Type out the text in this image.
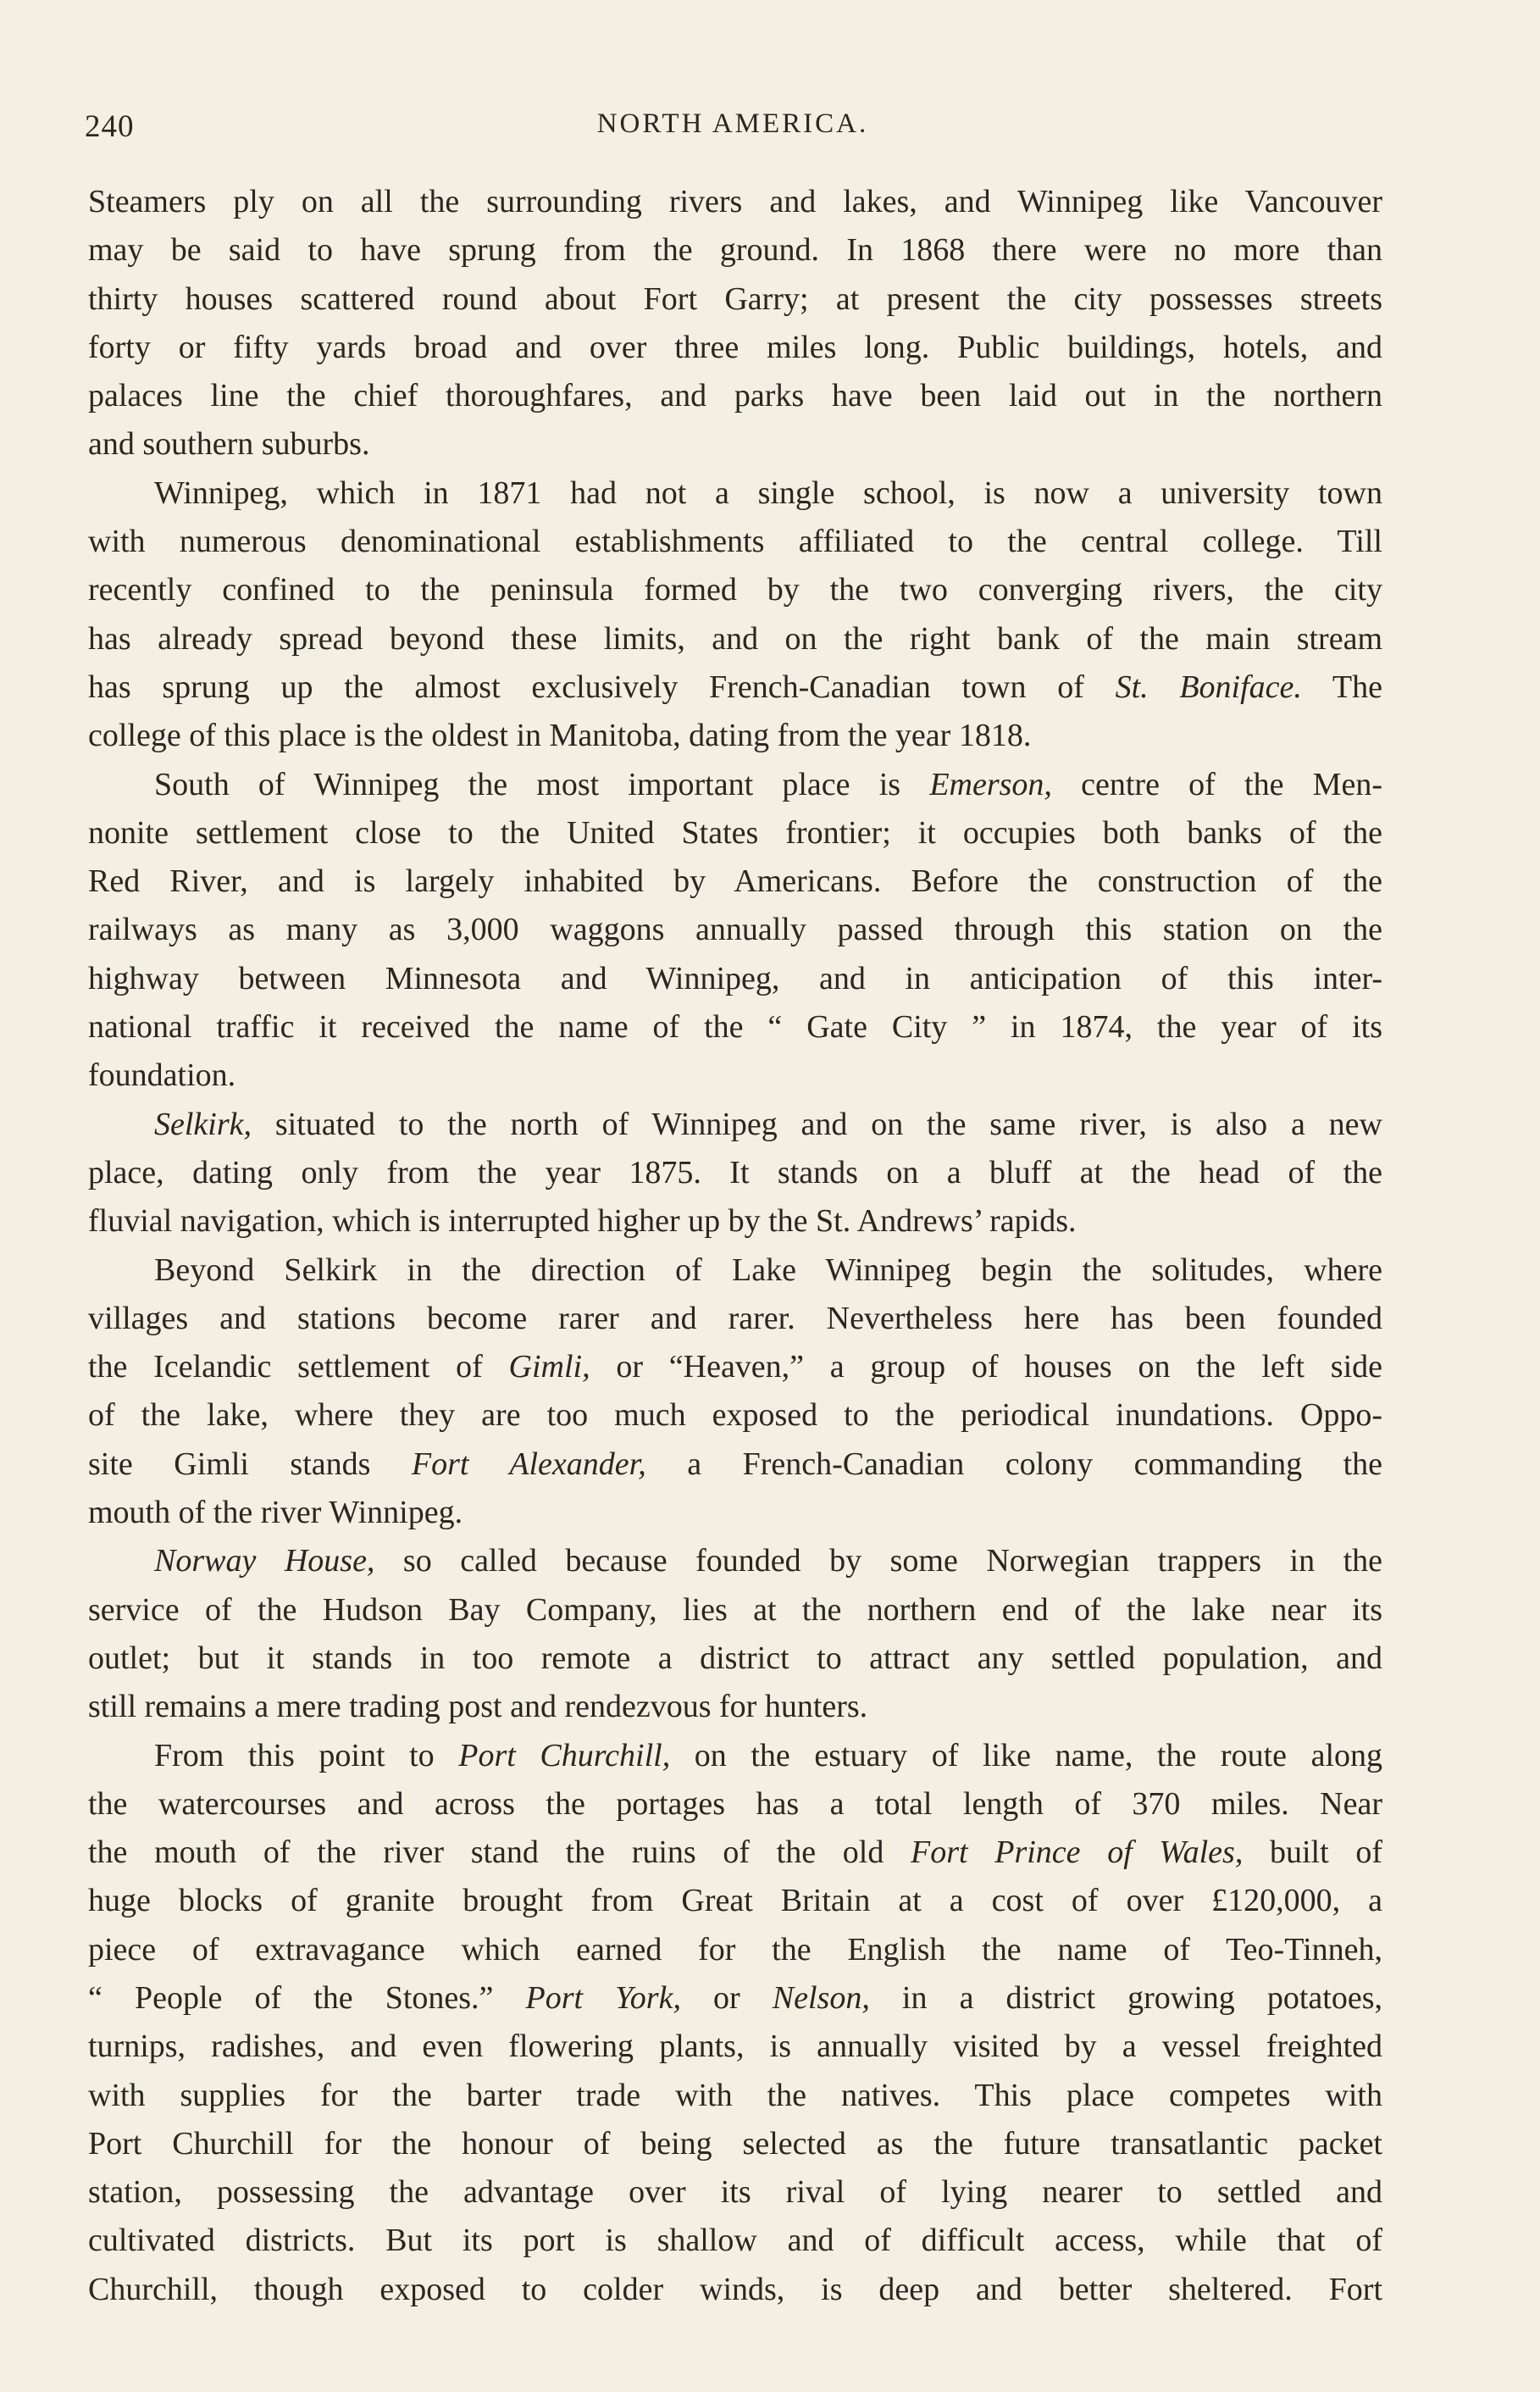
240	NORTH AMERICA.
Steamers ply on all the surrounding rivers and lakes, and Winnipeg like Vancouver
may be said to have sprung from the ground. In 1868 there were no more than
thirty houses scattered round about Fort Garry; at present the city possesses streets
forty or fifty yards broad and over three miles long. Public buildings, hotels, and
palaces line the chief thoroughfares, and parks have been laid out in the northern
and southern suburbs.
Winnipeg, which in 1871 had not a single school, is now a university town
with numerous denominational establishments affiliated to the central college. Till
recently confined to the peninsula formed by the two converging rivers, the city
has already spread beyond these limits, and on the right bank of the main stream
has sprung up the almost exclusively French-Canadian town of St. Boniface. The
college of this place is the oldest in Manitoba, dating from the year 1818.
South of Winnipeg the most important place is Emerson, centre of the Men-
nonite settlement close to the United States frontier; it occupies both banks of the
Red River, and is largely inhabited by Americans. Before the construction of the
railways as many as 3,000 waggons annually passed through this station on the
highway between Minnesota and Winnipeg, and in anticipation of this inter-
national traffic it received the name of the “ Gate City ” in 1874, the year of its
foundation.
Selkirk, situated to the north of Winnipeg and on the same river, is also a new
place, dating only from the year 1875. It stands on a bluff at the head of the
fluvial navigation, which is interrupted higher up by the St. Andrews’ rapids.
Beyond Selkirk in the direction of Lake Winnipeg begin the solitudes, where
villages and stations become rarer and rarer. Nevertheless here has been founded
the Icelandic settlement of Gimli, or “Heaven,” a group of houses on the left side
of the lake, where they are too much exposed to the periodical inundations. Oppo-
site Gimli stands Fort Alexander, a French-Canadian colony commanding the
mouth of the river Winnipeg.
Norway House, so called because founded by some Norwegian trappers in the
service of the Hudson Bay Company, lies at the northern end of the lake near its
outlet; but it stands in too remote a district to attract any settled population, and
still remains a mere trading post and rendezvous for hunters.
From this point to Port Churchill, on the estuary of like name, the route along
the watercourses and across the portages has a total length of 370 miles. Near
the mouth of the river stand the ruins of the old Fort Prince of Wales, built of
huge blocks of granite brought from Great Britain at a cost of over £120,000, a
piece of extravagance which earned for the English the name of Teo-Tinneh,
“ People of the Stones.” Port York, or Nelson, in a district growing potatoes,
turnips, radishes, and even flowering plants, is annually visited by a vessel freighted
with supplies for the barter trade with the natives. This place competes with
Port Churchill for the honour of being selected as the future transatlantic packet
station, possessing the advantage over its rival of lying nearer to settled and
cultivated districts. But its port is shallow and of difficult access, while that of
Churchill, though exposed to colder winds, is deep and better sheltered. Fort
